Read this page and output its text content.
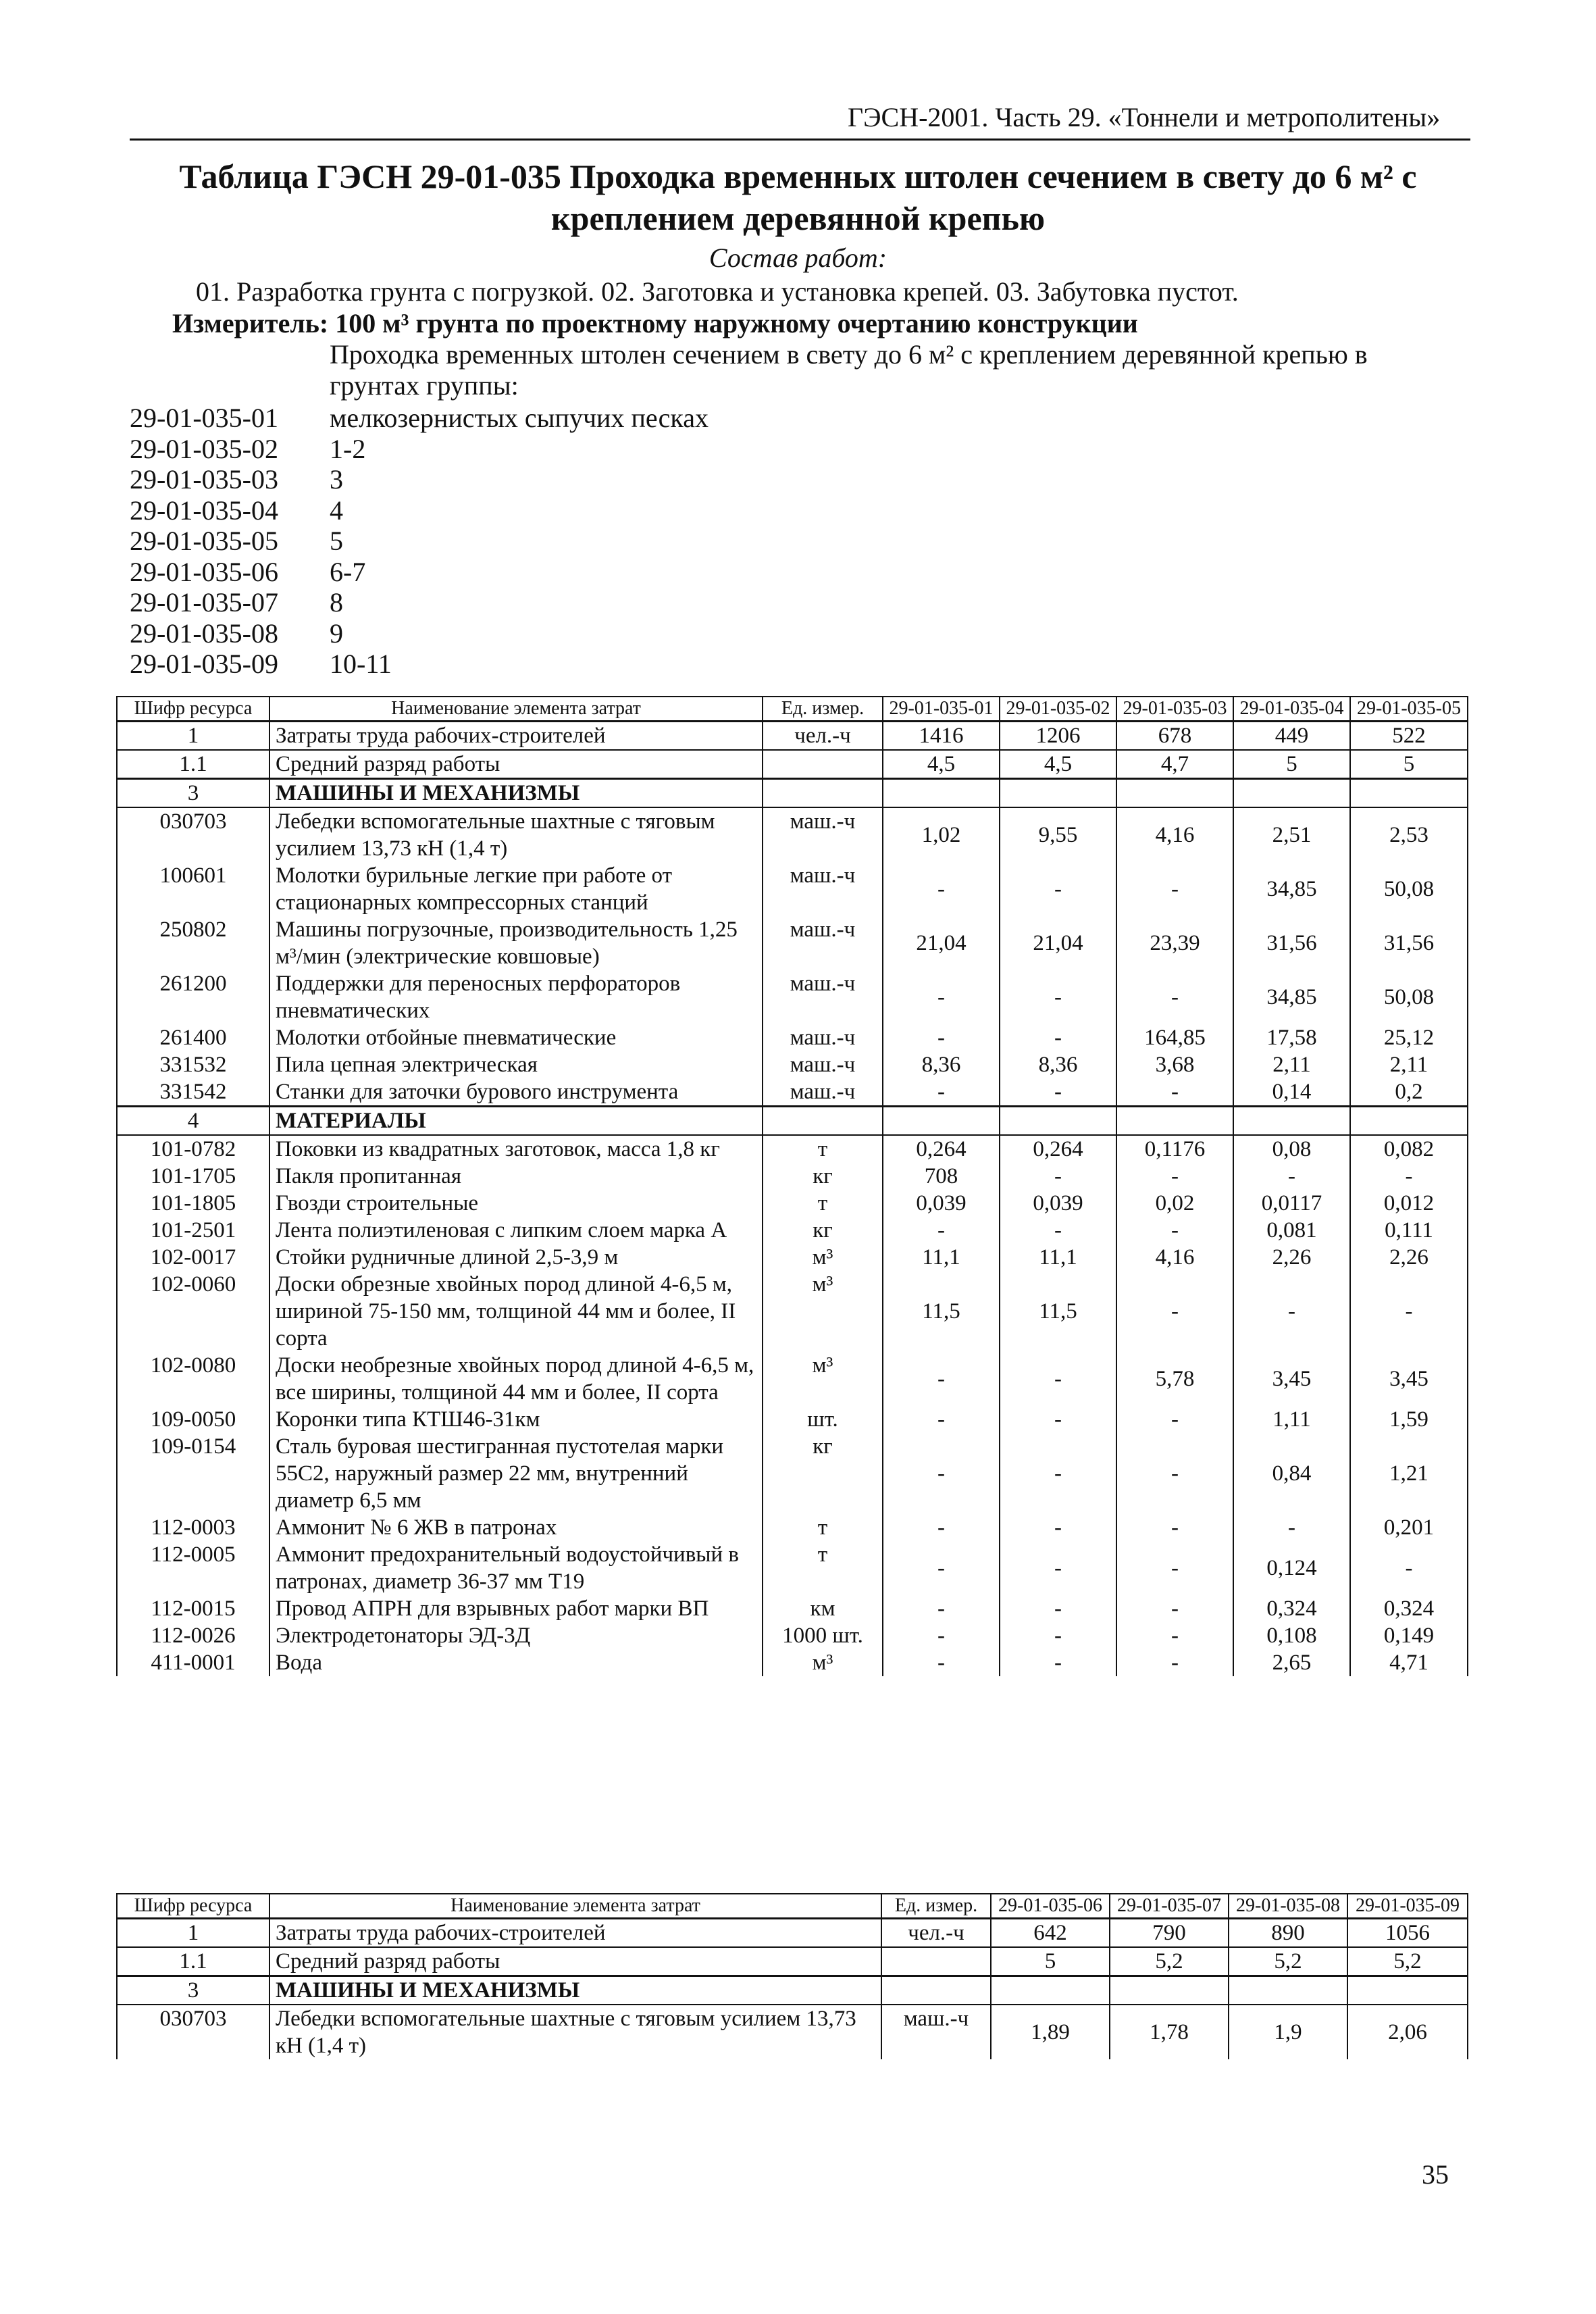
ГЭСН-2001. Часть 29. «Тоннели и метрополитены»
Таблица ГЭСН 29-01-035 Проходка временных штолен сечением в свету до 6 м² с креплением деревянной крепью
Состав работ:
01. Разработка грунта с погрузкой. 02. Заготовка и установка крепей. 03. Забутовка пустот.
Измеритель: 100 м³ грунта по проектному наружному очертанию конструкции
Проходка временных штолен сечением в свету до 6 м² с креплением деревянной крепью в грунтах группы:
29-01-035-01	мелкозернистых сыпучих песках
29-01-035-02	1-2
29-01-035-03	3
29-01-035-04	4
29-01-035-05	5
29-01-035-06	6-7
29-01-035-07	8
29-01-035-08	9
29-01-035-09	10-11
Шифр ресурса	Наименование элемента затрат	Ед. измер.	29-01-035-01	29-01-035-02	29-01-035-03	29-01-035-04	29-01-035-05
1	Затраты труда рабочих-строителей	чел.-ч	1416	1206	678	449	522
1.1	Средний разряд работы		4,5	4,5	4,7	5	5
3	МАШИНЫ И МЕХАНИЗМЫ						
030703	Лебедки вспомогательные шахтные с тяговым усилием 13,73 кН (1,4 т)	маш.-ч	1,02	9,55	4,16	2,51	2,53
100601	Молотки бурильные легкие при работе от стационарных компрессорных станций	маш.-ч	-	-	-	34,85	50,08
250802	Машины погрузочные, производительность 1,25 м³/мин (электрические ковшовые)	маш.-ч	21,04	21,04	23,39	31,56	31,56
261200	Поддержки для переносных перфораторов пневматических	маш.-ч	-	-	-	34,85	50,08
261400	Молотки отбойные пневматические	маш.-ч	-	-	164,85	17,58	25,12
331532	Пила цепная электрическая	маш.-ч	8,36	8,36	3,68	2,11	2,11
331542	Станки для заточки бурового инструмента	маш.-ч	-	-	-	0,14	0,2
4	МАТЕРИАЛЫ						
101-0782	Поковки из квадратных заготовок, масса 1,8 кг	т	0,264	0,264	0,1176	0,08	0,082
101-1705	Пакля пропитанная	кг	708	-	-	-	-
101-1805	Гвозди строительные	т	0,039	0,039	0,02	0,0117	0,012
101-2501	Лента полиэтиленовая с липким слоем марка А	кг	-	-	-	0,081	0,111
102-0017	Стойки рудничные длиной 2,5-3,9 м	м³	11,1	11,1	4,16	2,26	2,26
102-0060	Доски обрезные хвойных пород длиной 4-6,5 м, шириной 75-150 мм, толщиной 44 мм и более, II сорта	м³	11,5	11,5	-	-	-
102-0080	Доски необрезные хвойных пород длиной 4-6,5 м, все ширины, толщиной 44 мм и более, II сорта	м³	-	-	5,78	3,45	3,45
109-0050	Коронки типа КТШ46-31км	шт.	-	-	-	1,11	1,59
109-0154	Сталь буровая шестигранная пустотелая марки 55С2, наружный размер 22 мм, внутренний диаметр 6,5 мм	кг	-	-	-	0,84	1,21
112-0003	Аммонит № 6 ЖВ в патронах	т	-	-	-	-	0,201
112-0005	Аммонит предохранительный водоустойчивый в патронах, диаметр 36-37 мм Т19	т	-	-	-	0,124	-
112-0015	Провод АПРН для взрывных работ марки ВП	км	-	-	-	0,324	0,324
112-0026	Электродетонаторы ЭД-3Д	1000 шт.	-	-	-	0,108	0,149
411-0001	Вода	м³	-	-	-	2,65	4,71
Шифр ресурса	Наименование элемента затрат	Ед. измер.	29-01-035-06	29-01-035-07	29-01-035-08	29-01-035-09
1	Затраты труда рабочих-строителей	чел.-ч	642	790	890	1056
1.1	Средний разряд работы		5	5,2	5,2	5,2
3	МАШИНЫ И МЕХАНИЗМЫ					
030703	Лебедки вспомогательные шахтные с тяговым усилием 13,73 кН (1,4 т)	маш.-ч	1,89	1,78	1,9	2,06
35
